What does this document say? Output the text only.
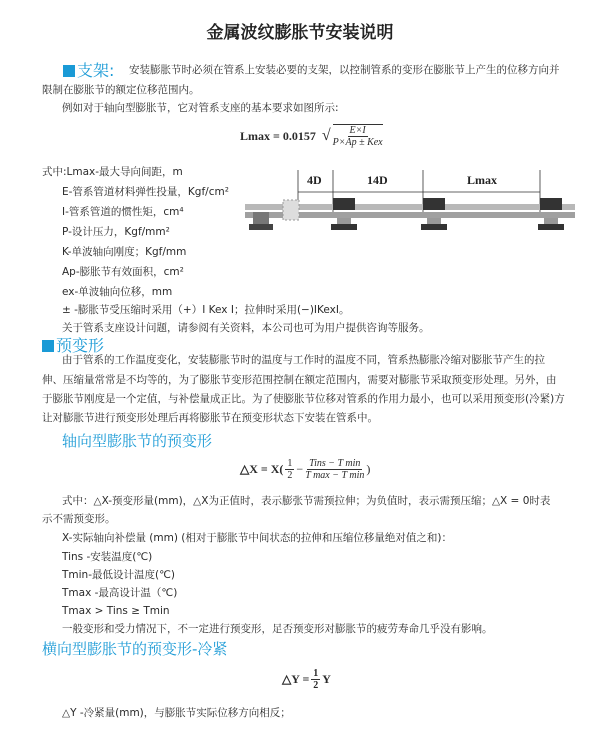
金属波纹膨胀节安装说明
支架: 安装膨胀节时必须在管系上安装必要的支架，以控制管系的变形在膨胀节上产生的位移方向并
限制在膨胀节的额定位移范围内。
例如对于轴向型膨胀节，它对管系支座的基本要求如图所示:
Lmax = 0.0157 √ $\frac{E\times I}{\text{P×Ap ± Kex}}$
式中:Lmax-最大导向间距，m
E-管系管道材料弹性投量，Kgf/cm²
I-管系管道的惯性矩，cm⁴
P-设计压力，Kgf/mm²
K-单波轴向刚度；Kgf/mm
Ap-膨胀节有效面积，cm²
ex-单波轴向位移，mm
± -膨胀节受压缩时采用（+）I Kex I；拉伸时采用(−)IKexI。
关于管系支座设计问题，请参阅有关资料，本公司也可为用户提供咨询等服务。
4D	14D	Lmax
预变形
由于管系的工作温度变化，安装膨胀节时的温度与工作时的温度不同，管系热膨胀冷缩对膨胀节产生的拉
伸、压缩量常常是不均等的，为了膨胀节变形范围控制在额定范围内，需要对膨胀节采取预变形处理。另外，由
于膨胀节刚度是一个定值，与补偿量成正比。为了使膨胀节位移对管系的作用力最小，也可以采用预变形(冷紧)方
让对膨胀节进行预变形处理后再将膨胀节在预变形状态下安装在管系中。
轴向型膨胀节的预变形
△X = $X( \frac{1}{2} - \frac{\text{Tins − T min}}{\text{T max − T min}}$ )
式中：△X-预变形量(mm)，△X为正值时，表示膨张节需预拉伸；为负值时，表示需预压缩；△X = 0时表
示不需预变形。
X-实际轴向补偿量 (mm) (相对于膨胀节中间状态的拉伸和压缩位移量绝对值之和)：
Tins -安装温度(℃)
Tmin-最低设计温度(℃)
Tmax -最高设计温（℃)
Tmax > Tins ≥ Tmin
一般变形和受力情况下，不一定进行预变形，足否预变形对膨胀节的疲劳寿命几乎没有影响。
横向型膨胀节的预变形-冷紧
△Y = $\frac{1}{2}$ Y
△Y -冷紧量(mm)，与膨胀节实际位移方向相反；
